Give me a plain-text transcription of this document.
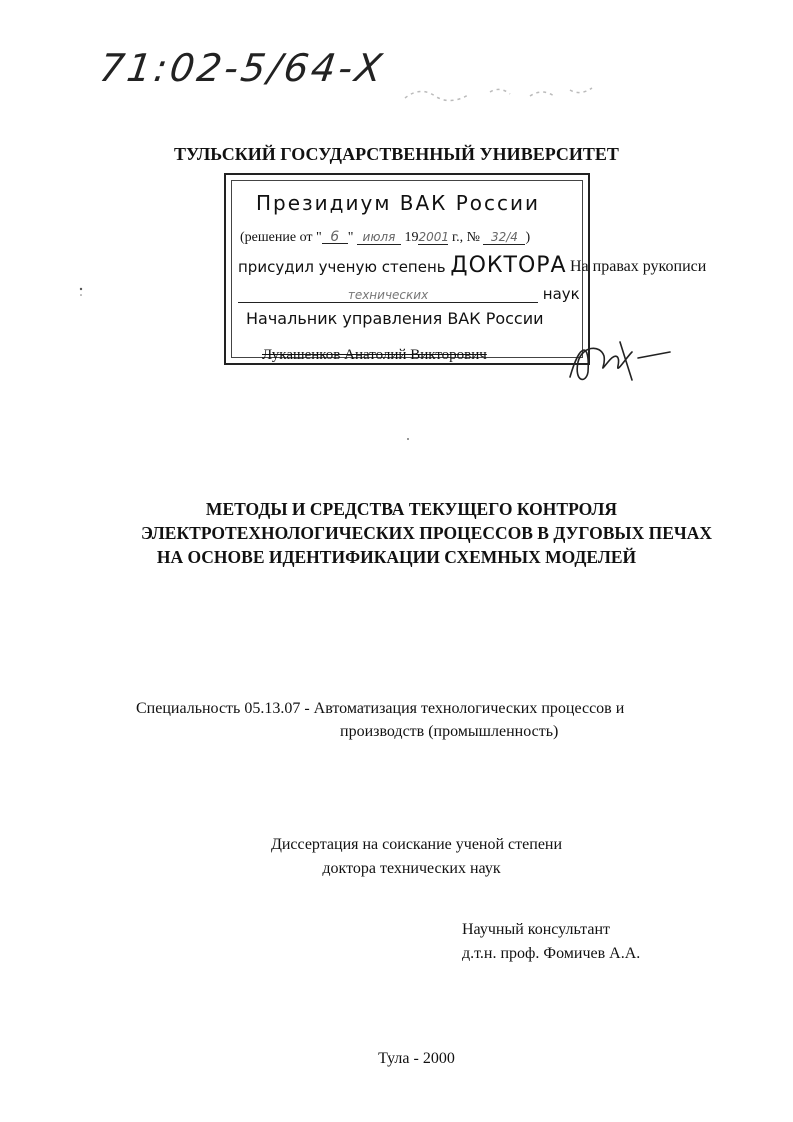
71:02-5/64-Х
ТУЛЬСКИЙ ГОСУДАРСТВЕННЫЙ УНИВЕРСИТЕТ
Президиум ВАК России
(решение от " 6 " июля 192001 г., № 32/4 )
присудил ученую степень ДОКТОРА
технических	наук
Начальник управления ВАК России
Лукашенков Анатолий Викторович
На правах рукописи
МЕТОДЫ И СРЕДСТВА ТЕКУЩЕГО КОНТРОЛЯ
ЭЛЕКТРОТЕХНОЛОГИЧЕСКИХ ПРОЦЕССОВ В ДУГОВЫХ ПЕЧАХ
НА ОСНОВЕ ИДЕНТИФИКАЦИИ СХЕМНЫХ МОДЕЛЕЙ
Специальность 05.13.07 - Автоматизация технологических процессов и
производств (промышленность)
Диссертация на соискание ученой степени
доктора технических наук
Научный консультант
д.т.н. проф. Фомичев А.А.
Тула - 2000
